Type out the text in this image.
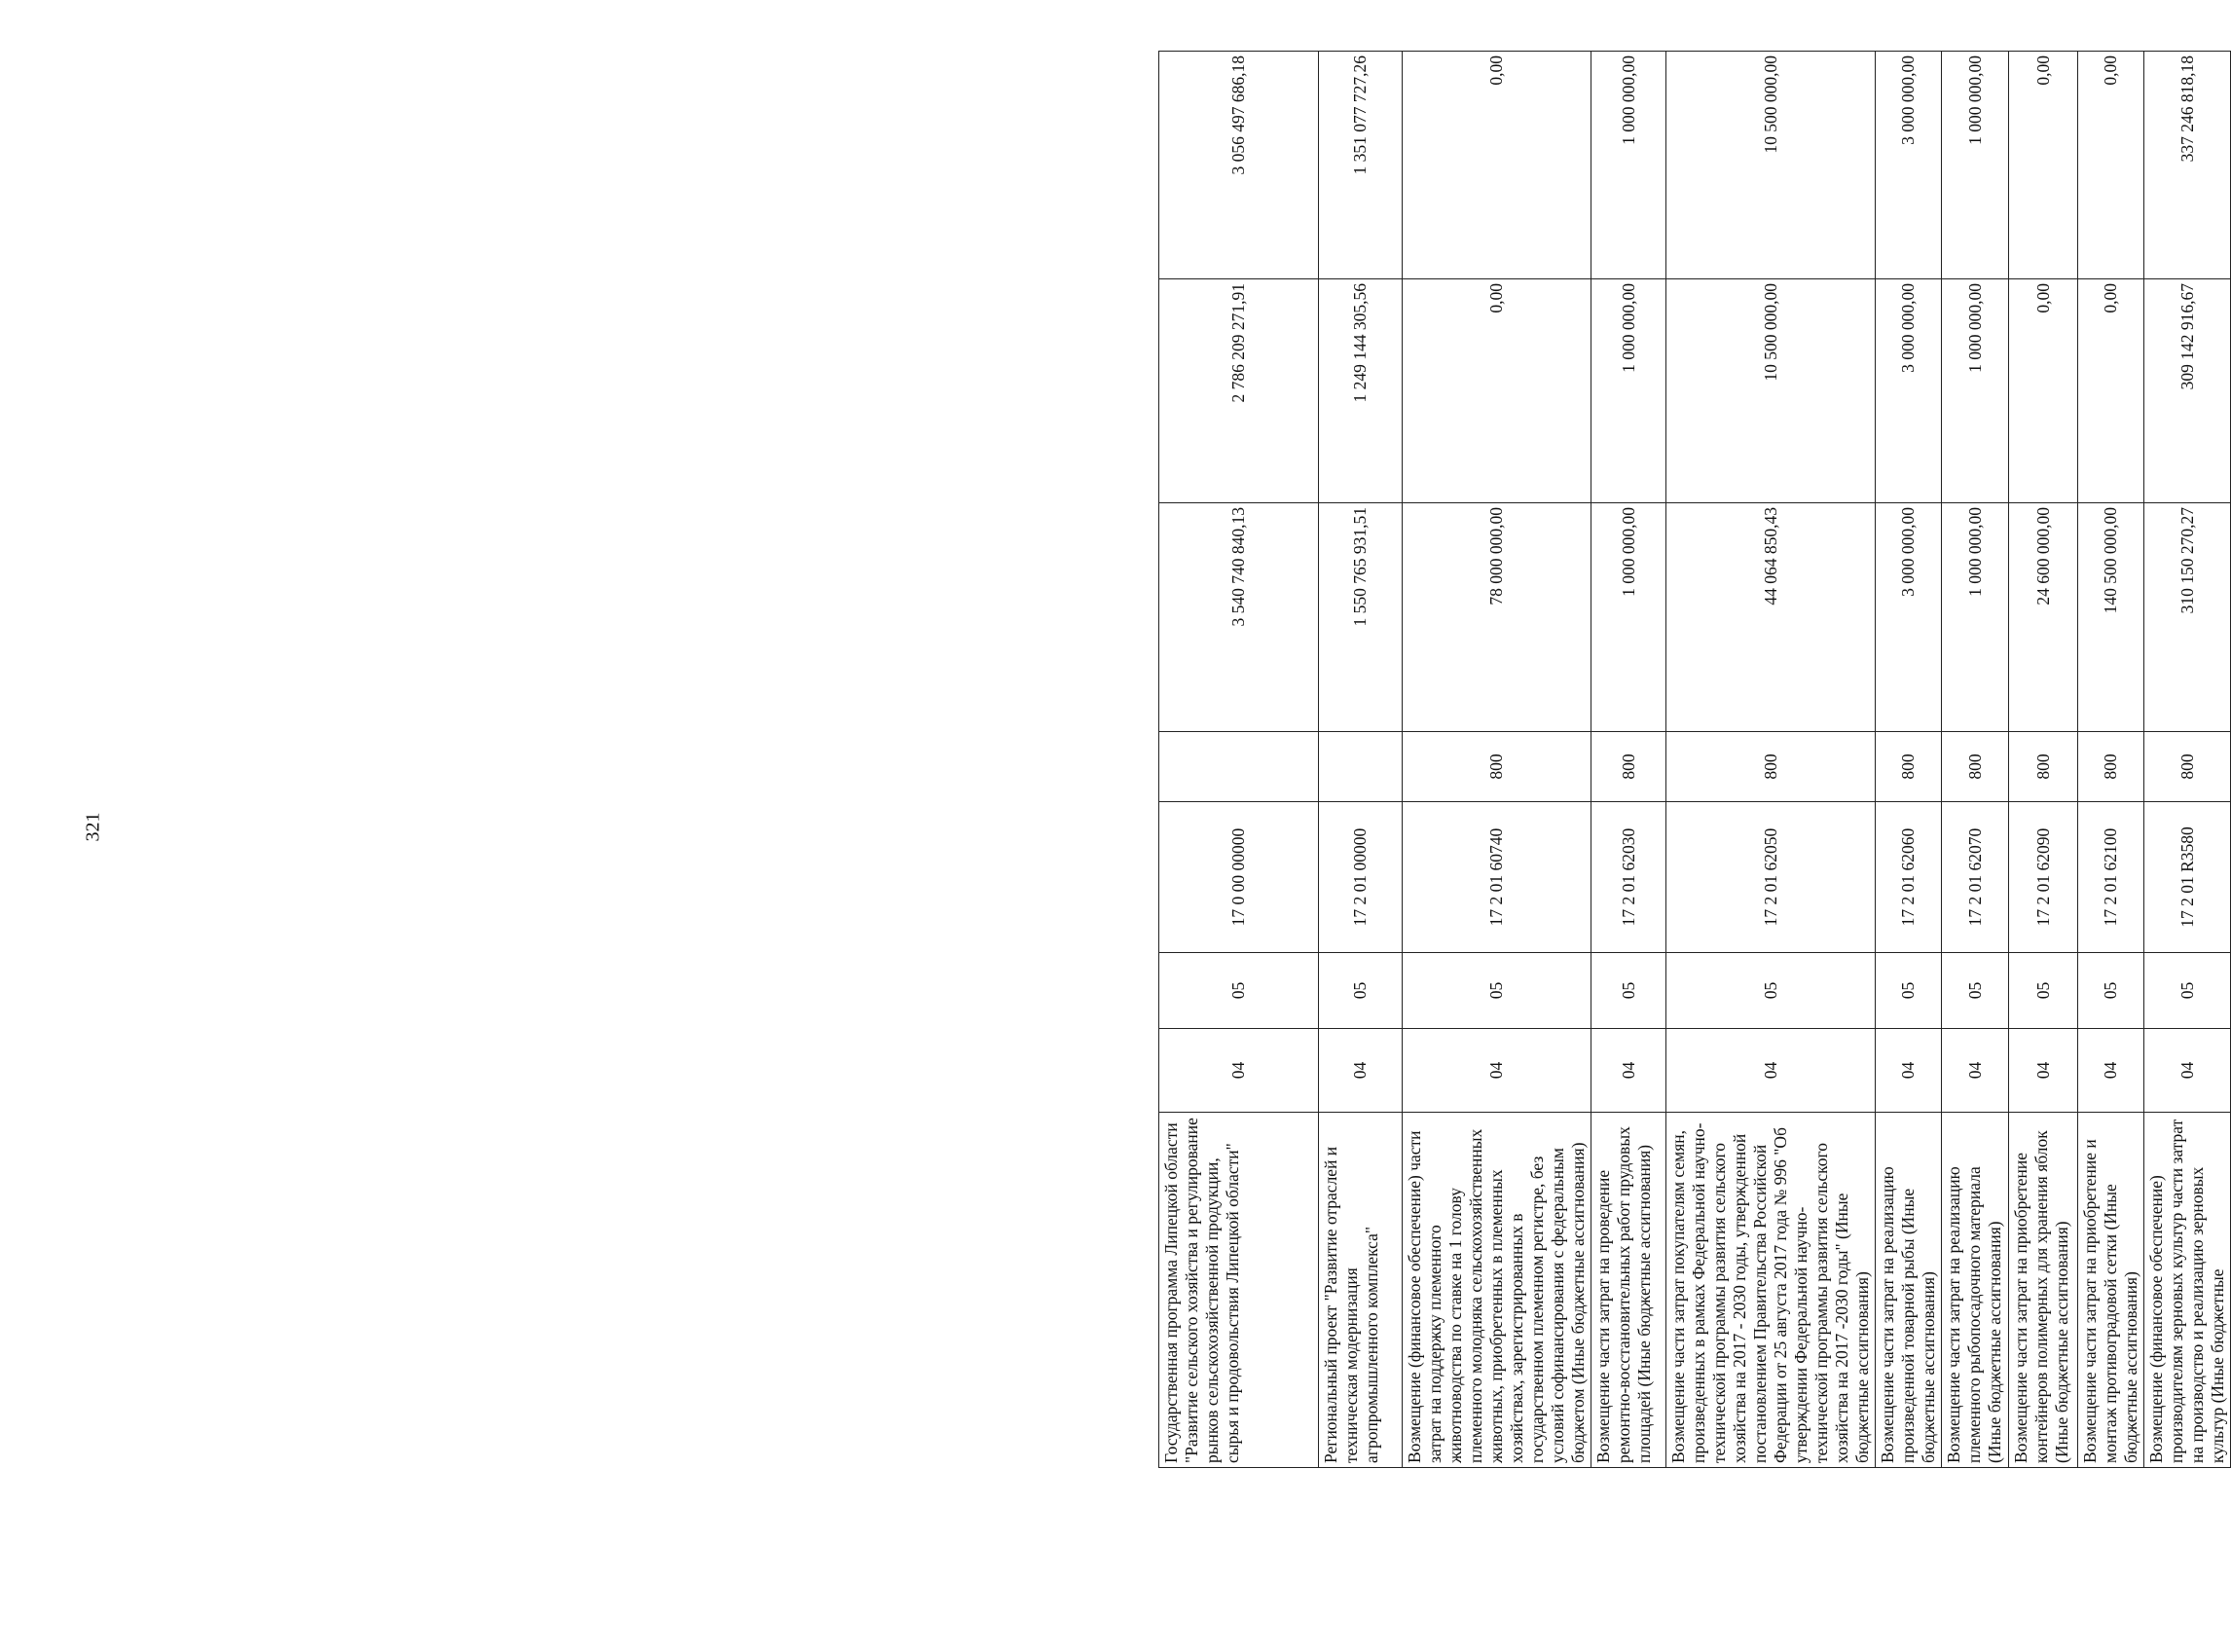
321
Государственная программа Липецкой области "Развитие сельского хозяйства и регулирование рынков сельскохозяйственной продукции, сырья и продовольствия Липецкой области"	04	05	17 0 00 00000		3 540 740 840,13	2 786 209 271,91	3 056 497 686,18
Региональный проект "Развитие отраслей и техническая модернизация агропромышленного комплекса"	04	05	17 2 01 00000		1 550 765 931,51	1 249 144 305,56	1 351 077 727,26
Возмещение (финансовое обеспечение) части затрат на поддержку племенного животноводства по ставке на 1 голову племенного молодняка сельскохозяйственных животных, приобретенных в племенных хозяйствах, зарегистрированных в государственном племенном регистре, без условий софинансирования с федеральным бюджетом (Иные бюджетные ассигнования)	04	05	17 2 01 60740	800	78 000 000,00	0,00	0,00
Возмещение части затрат на проведение ремонтно-восстановительных работ прудовых площадей (Иные бюджетные ассигнования)	04	05	17 2 01 62030	800	1 000 000,00	1 000 000,00	1 000 000,00
Возмещение части затрат покупателям семян, произведенных в рамках Федеральной научно-технической программы развития сельского хозяйства на 2017 - 2030 годы, утвержденной постановлением Правительства Российской Федерации от 25 августа 2017 года № 996 "Об утверждении Федеральной научно-технической программы развития сельского хозяйства на 2017 -2030 годы" (Иные бюджетные ассигнования)	04	05	17 2 01 62050	800	44 064 850,43	10 500 000,00	10 500 000,00
Возмещение части затрат на реализацию произведенной товарной рыбы (Иные бюджетные ассигнования)	04	05	17 2 01 62060	800	3 000 000,00	3 000 000,00	3 000 000,00
Возмещение части затрат на реализацию племенного рыбопосадочного материала (Иные бюджетные ассигнования)	04	05	17 2 01 62070	800	1 000 000,00	1 000 000,00	1 000 000,00
Возмещение части затрат на приобретение контейнеров полимерных для хранения яблок (Иные бюджетные ассигнования)	04	05	17 2 01 62090	800	24 600 000,00	0,00	0,00
Возмещение части затрат на приобретение и монтаж противоградовой сетки (Иные бюджетные ассигнования)	04	05	17 2 01 62100	800	140 500 000,00	0,00	0,00
Возмещение (финансовое обеспечение) производителям зерновых культур части затрат на производство и реализацию зерновых культур (Иные бюджетные	04	05	17 2 01 R3580	800	310 150 270,27	309 142 916,67	337 246 818,18
